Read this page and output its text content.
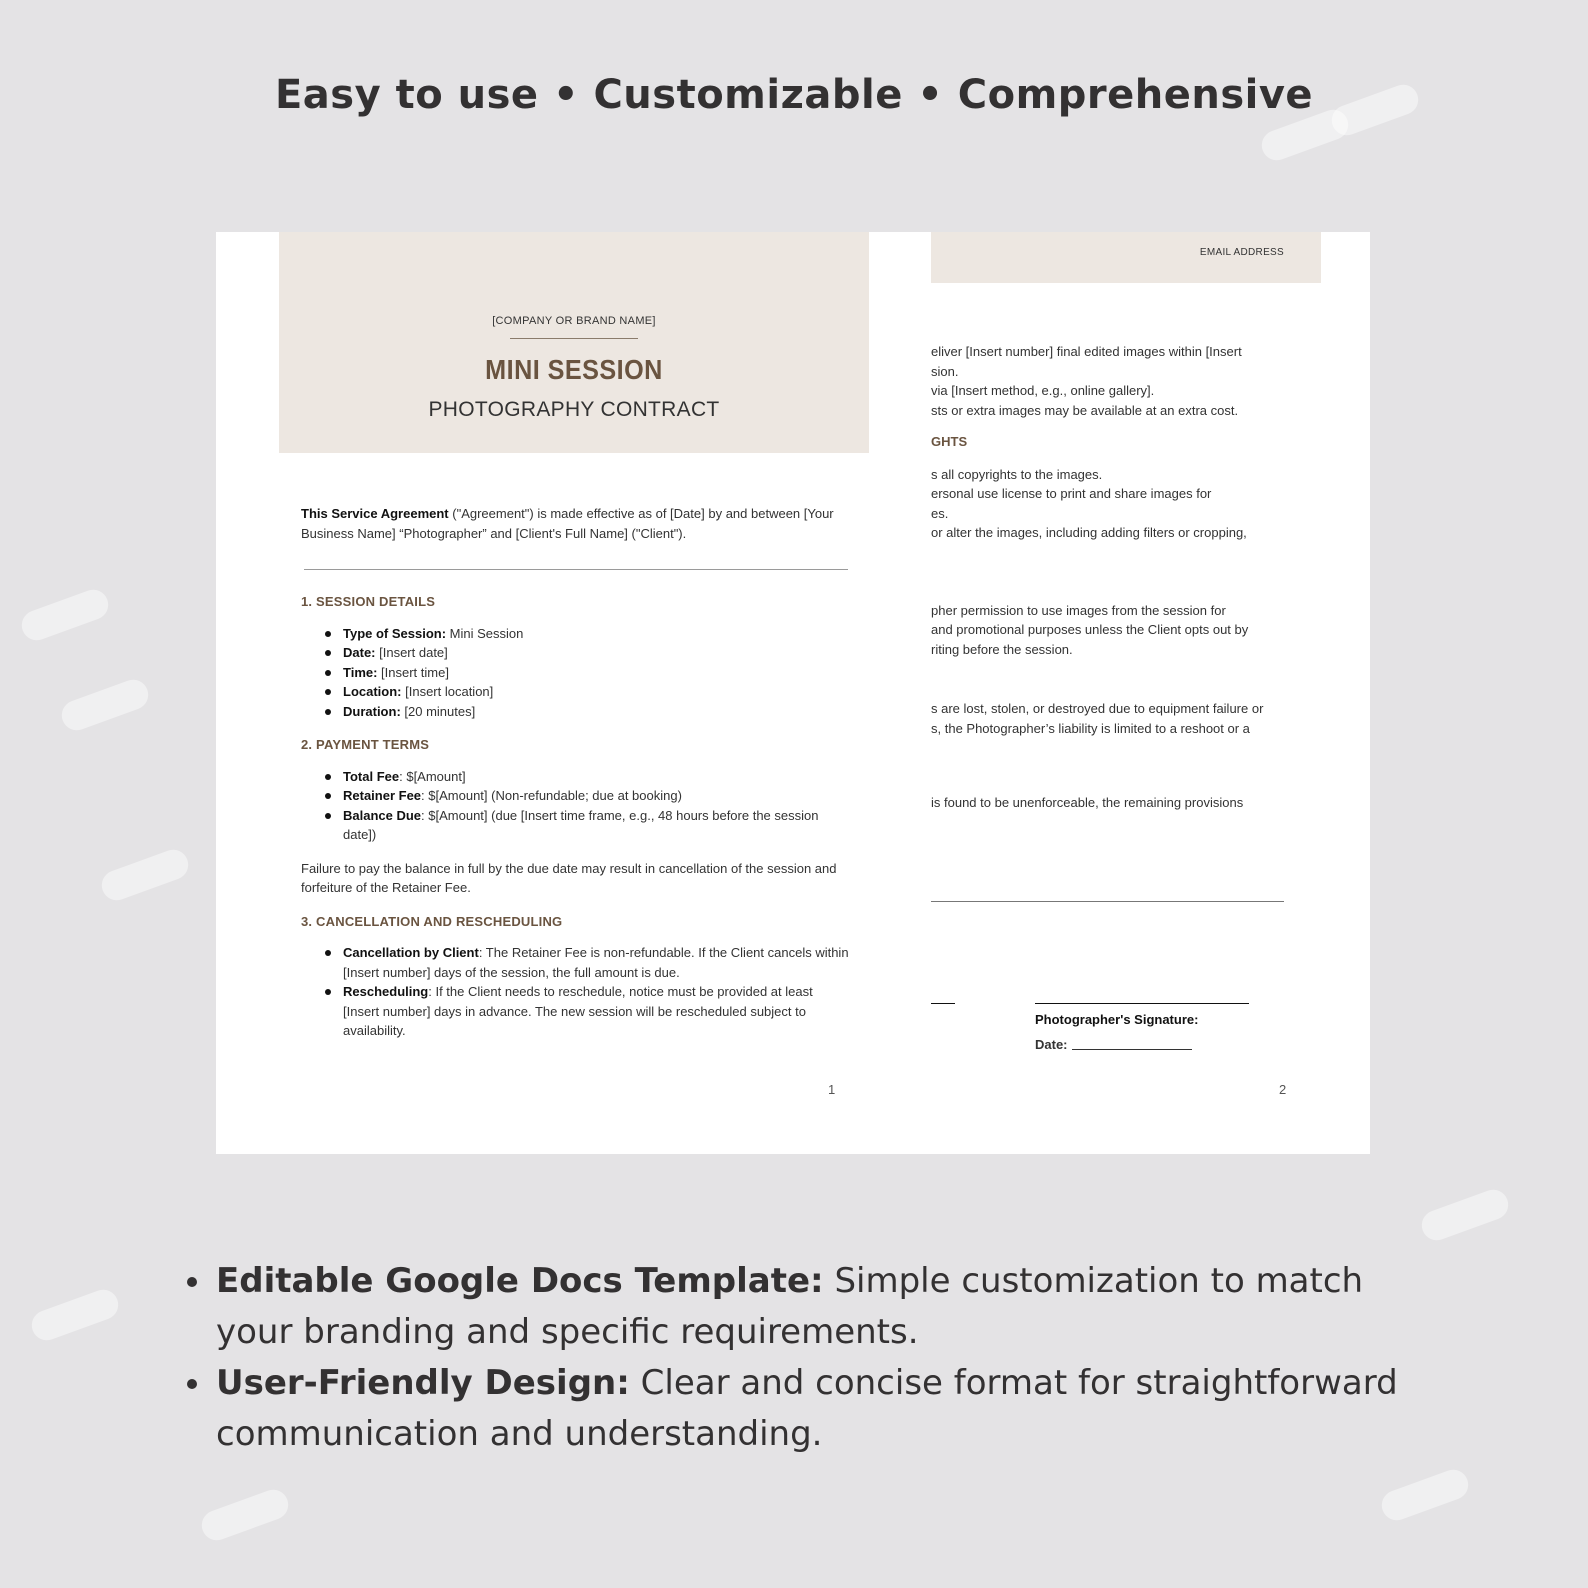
Easy to use • Customizable • Comprehensive
[COMPANY OR BRAND NAME]
MINI SESSION
PHOTOGRAPHY CONTRACT

This Service Agreement ("Agreement") is made effective as of [Date] by and between [Your Business Name] “Photographer” and [Client's Full Name] ("Client").

1. SESSION DETAILS
Type of Session: Mini Session
Date: [Insert date]
Time: [Insert time]
Location: [Insert location]
Duration: [20 minutes]
2. PAYMENT TERMS
Total Fee: $[Amount]
Retainer Fee: $[Amount] (Non-refundable; due at booking)
Balance Due: $[Amount] (due [Insert time frame, e.g., 48 hours before the session date])

Failure to pay the balance in full by the due date may result in cancellation of the session and forfeiture of the Retainer Fee.

3. CANCELLATION AND RESCHEDULING
Cancellation by Client: The Retainer Fee is non-refundable. If the Client cancels within [Insert number] days of the session, the full amount is due.
Rescheduling: If the Client needs to reschedule, notice must be provided at least [Insert number] days in advance. The new session will be rescheduled subject to availability.
1
EMAIL ADDRESS

eliver [Insert number] final edited images within [Insert

sion.

via [Insert method, e.g., online gallery].

sts or extra images may be available at an extra cost.

GHTS

s all copyrights to the images.

ersonal use license to print and share images for

es.

or alter the images, including adding filters or cropping,

pher permission to use images from the session for

and promotional purposes unless the Client opts out by

riting before the session.

s are lost, stolen, or destroyed due to equipment failure or

s, the Photographer’s liability is limited to a reshoot or a

is found to be unenforceable, the remaining provisions

Photographer's Signature:
Date:
2
Editable Google Docs Template: Simple customization to match your branding and specific requirements.
User-Friendly Design: Clear and concise format for straightforward communication and understanding.
